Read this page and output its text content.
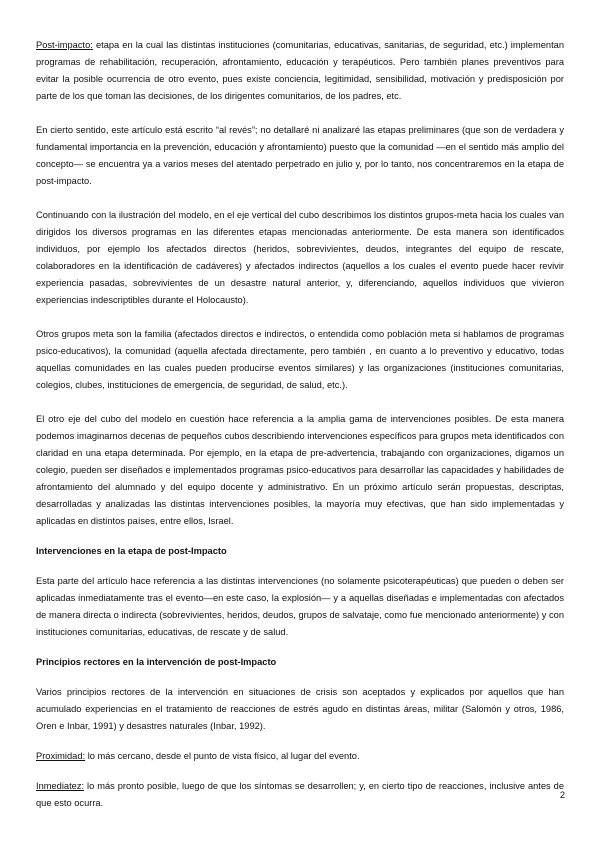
Post-impacto: etapa en la cual las distintas instituciones (comunitarias, educativas, sanitarias, de seguridad, etc.) implementan programas de rehabilitación, recuperación, afrontamiento, educación y terapéuticos. Pero también planes preventivos para evitar la posible ocurrencia de otro evento, pues existe conciencia, legitimidad, sensibilidad, motivación y predisposición por parte de los que toman las decisiones, de los dirigentes comunitarios, de los padres, etc.

En cierto sentido, este artículo está escrito “al revés”; no detallaré ni analizaré las etapas preliminares (que son de verdadera y fundamental importancia en la prevención, educación y afrontamiento) puesto que la comunidad —en el sentido más amplio del concepto— se encuentra ya a varios meses del atentado perpetrado en julio y, por lo tanto, nos concentraremos en la etapa de post-impacto.

Continuando con la ilustración del modelo, en el eje vertical del cubo describimos los distintos grupos-meta hacia los cuales van dirigidos los diversos programas en las diferentes etapas mencionadas anteriormente. De esta manera son identificados individuos, por ejemplo los afectados directos (heridos, sobrevivientes, deudos, integrantes del equipo de rescate, colaboradores en la identificación de cadáveres) y afectados indirectos (aquellos a los cuales el evento puede hacer revivir experiencia pasadas, sobrevivientes de un desastre natural anterior, y, diferenciando, aquellos individuos que vivieron experiencias indescriptibles durante el Holocausto).

Otros grupos meta son la familia (afectados directos e indirectos, o entendida como población meta si hablamos de programas psico-educativos), la comunidad (aquella afectada directamente, pero también , en cuanto a lo preventivo y educativo, todas aquellas comunidades en las cuales pueden producirse eventos similares) y las organizaciones (instituciones comunitarias, colegios, clubes, instituciones de emergencia, de seguridad, de salud, etc.).

El otro eje del cubo del modelo en cuestión hace referencia a la amplia gama de intervenciones posibles. De esta manera podemos imaginarnos decenas de pequeños cubos describiendo intervenciones específicos para grupos meta identificados con claridad en una etapa determinada. Por ejemplo, en la etapa de pre-advertencia, trabajando con organizaciones, digamos un colegio, pueden ser diseñados e implementados programas psico-educativos para desarrollar las capacidades y habilidades de afrontamiento del alumnado y del equipo docente y administrativo. En un próximo artículo serán propuestas, descriptas, desarrolladas y analizadas las distintas intervenciones posibles, la mayoría muy efectivas, que han sido implementadas y aplicadas en distintos países, entre ellos, Israel.

Intervenciones en la etapa de post-Impacto

Esta parte del artículo hace referencia a las distintas intervenciones (no solamente psicoterapéuticas) que pueden o deben ser aplicadas inmediatamente tras el evento—en este caso, la explosión— y a aquellas diseñadas e implementadas con afectados de manera directa o indirecta (sobrevivientes, heridos, deudos, grupos de salvataje, como fue mencionado anteriormente) y con instituciones comunitarias, educativas, de rescate y de salud.

Principios rectores en la intervención de post-Impacto

Varios principios rectores de la intervención en situaciones de crisis son aceptados y explicados por aquellos que han acumulado experiencias en el tratamiento de reacciones de estrés agudo en distintas áreas, militar (Salomón y otros, 1986, Oren e Inbar, 1991) y desastres naturales (Inbar, 1992).

Proximidad: lo más cercano, desde el punto de vista físico, al lugar del evento.

Inmediatez: lo más pronto posible, luego de que los síntomas se desarrollen; y, en cierto tipo de reacciones, inclusive antes de que esto ocurra.

2
